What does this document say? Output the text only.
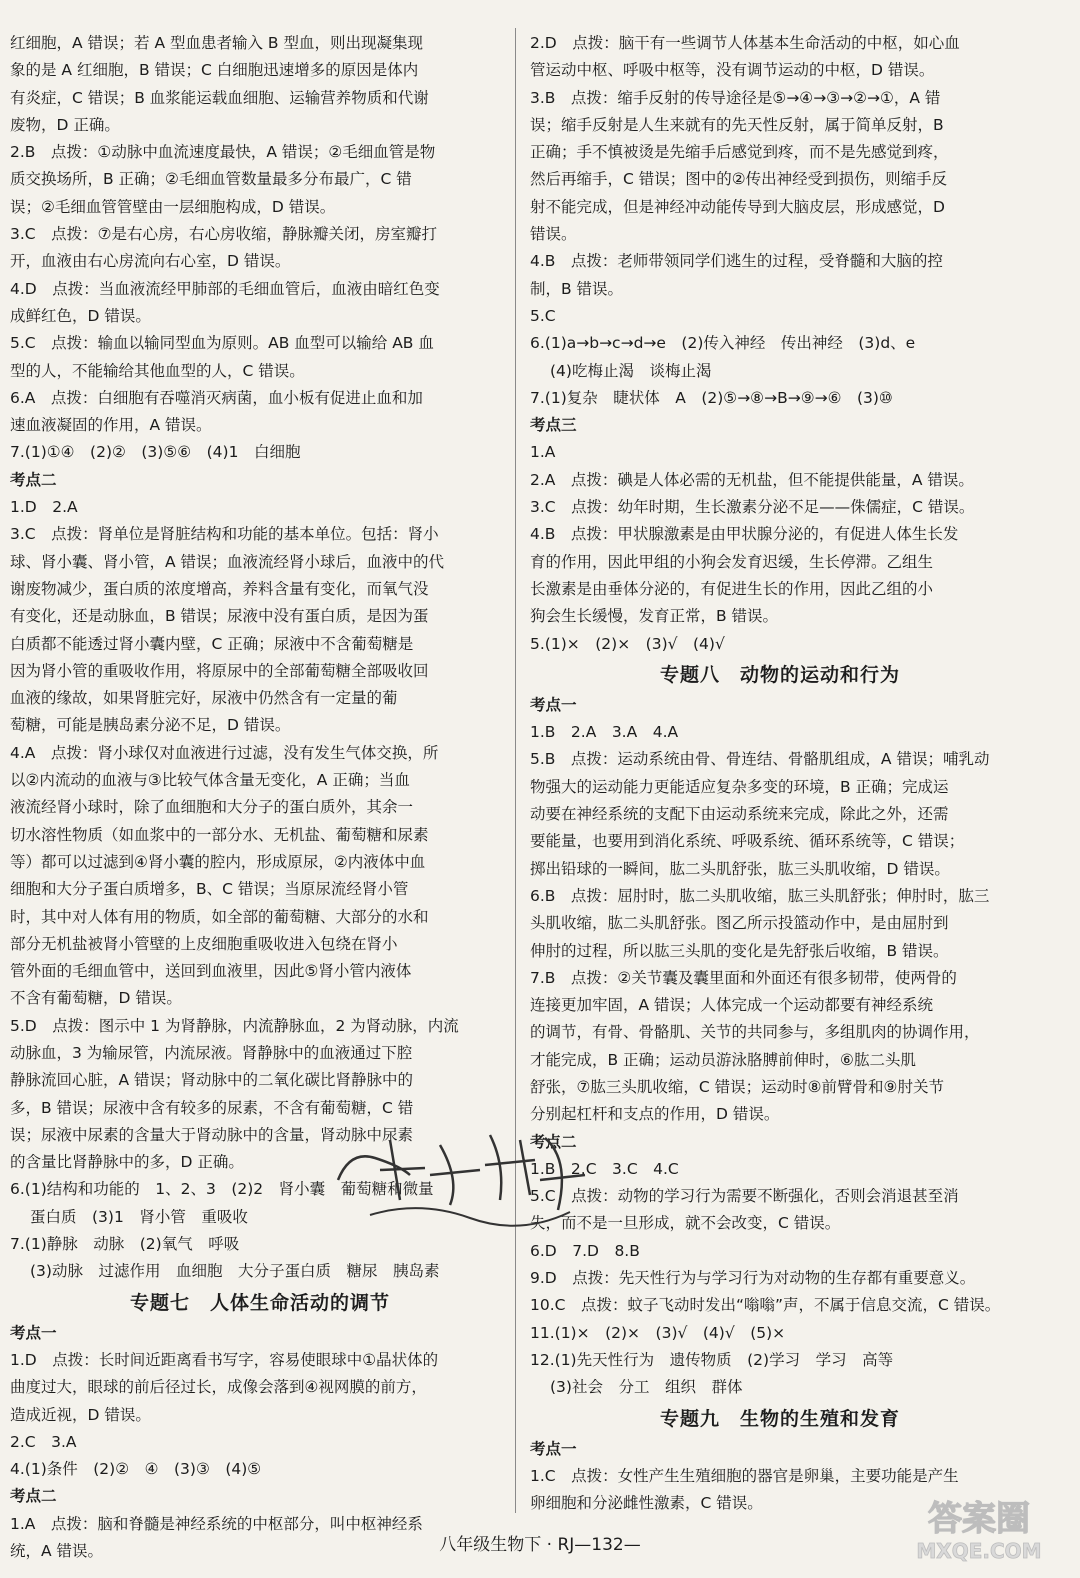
红细胞，A 错误；若 A 型血患者输入 B 型血，则出现凝集现
象的是 A 红细胞，B 错误；C 白细胞迅速增多的原因是体内
有炎症，C 错误；B 血浆能运载血细胞、运输营养物质和代谢
废物，D 正确。
2.B　点拨：①动脉中血流速度最快，A 错误；②毛细血管是物
质交换场所，B 正确；②毛细血管数量最多分布最广，C 错
误；②毛细血管管壁由一层细胞构成，D 错误。
3.C　点拨：⑦是右心房，右心房收缩，静脉瓣关闭，房室瓣打
开，血液由右心房流向右心室，D 错误。
4.D　点拨：当血液流经甲肺部的毛细血管后，血液由暗红色变
成鲜红色，D 错误。
5.C　点拨：输血以输同型血为原则。AB 血型可以输给 AB 血
型的人，不能输给其他血型的人，C 错误。
6.A　点拨：白细胞有吞噬消灭病菌，血小板有促进止血和加
速血液凝固的作用，A 错误。
7.(1)①④　(2)②　(3)⑤⑥　(4)1　白细胞
考点二
1.D　2.A
3.C　点拨：肾单位是肾脏结构和功能的基本单位。包括：肾小
球、肾小囊、肾小管，A 错误；血液流经肾小球后，血液中的代
谢废物减少，蛋白质的浓度增高，养料含量有变化，而氧气没
有变化，还是动脉血，B 错误；尿液中没有蛋白质，是因为蛋
白质都不能透过肾小囊内壁，C 正确；尿液中不含葡萄糖是
因为肾小管的重吸收作用，将原尿中的全部葡萄糖全部吸收回
血液的缘故，如果肾脏完好，尿液中仍然含有一定量的葡
萄糖，可能是胰岛素分泌不足，D 错误。
4.A　点拨：肾小球仅对血液进行过滤，没有发生气体交换，所
以②内流动的血液与③比较气体含量无变化，A 正确；当血
液流经肾小球时，除了血细胞和大分子的蛋白质外，其余一
切水溶性物质（如血浆中的一部分水、无机盐、葡萄糖和尿素
等）都可以过滤到④肾小囊的腔内，形成原尿，②内液体中血
细胞和大分子蛋白质增多，B、C 错误；当原尿流经肾小管
时，其中对人体有用的物质，如全部的葡萄糖、大部分的水和
部分无机盐被肾小管壁的上皮细胞重吸收进入包绕在肾小
管外面的毛细血管中，送回到血液里，因此⑤肾小管内液体
不含有葡萄糖，D 错误。
5.D　点拨：图示中 1 为肾静脉，内流静脉血，2 为肾动脉，内流
动脉血，3 为输尿管，内流尿液。肾静脉中的血液通过下腔
静脉流回心脏，A 错误；肾动脉中的二氧化碳比肾静脉中的
多，B 错误；尿液中含有较多的尿素，不含有葡萄糖，C 错
误；尿液中尿素的含量大于肾动脉中的含量，肾动脉中尿素
的含量比肾静脉中的多，D 正确。
6.(1)结构和功能的　1、2、3　(2)2　肾小囊　葡萄糖和微量
蛋白质　(3)1　肾小管　重吸收
7.(1)静脉　动脉　(2)氧气　呼吸
(3)动脉　过滤作用　血细胞　大分子蛋白质　糖尿　胰岛素
专题七　人体生命活动的调节
考点一
1.D　点拨：长时间近距离看书写字，容易使眼球中①晶状体的
曲度过大，眼球的前后径过长，成像会落到④视网膜的前方，
造成近视，D 错误。
2.C　3.A
4.(1)条件　(2)②　④　(3)③　(4)⑤
考点二
1.A　点拨：脑和脊髓是神经系统的中枢部分，叫中枢神经系
统，A 错误。
2.D　点拨：脑干有一些调节人体基本生命活动的中枢，如心血
管运动中枢、呼吸中枢等，没有调节运动的中枢，D 错误。
3.B　点拨：缩手反射的传导途径是⑤→④→③→②→①，A 错
误；缩手反射是人生来就有的先天性反射，属于简单反射，B
正确；手不慎被烫是先缩手后感觉到疼，而不是先感觉到疼，
然后再缩手，C 错误；图中的②传出神经受到损伤，则缩手反
射不能完成，但是神经冲动能传导到大脑皮层，形成感觉，D
错误。
4.B　点拨：老师带领同学们逃生的过程，受脊髓和大脑的控
制，B 错误。
5.C
6.(1)a→b→c→d→e　(2)传入神经　传出神经　(3)d、e
(4)吃梅止渴　谈梅止渴
7.(1)复杂　睫状体　A　(2)⑤→⑧→B→⑨→⑥　(3)⑩
考点三
1.A
2.A　点拨：碘是人体必需的无机盐，但不能提供能量，A 错误。
3.C　点拨：幼年时期，生长激素分泌不足——侏儒症，C 错误。
4.B　点拨：甲状腺激素是由甲状腺分泌的，有促进人体生长发
育的作用，因此甲组的小狗会发育迟缓，生长停滞。乙组生
长激素是由垂体分泌的，有促进生长的作用，因此乙组的小
狗会生长缓慢，发育正常，B 错误。
5.(1)×　(2)×　(3)√　(4)√
专题八　动物的运动和行为
考点一
1.B　2.A　3.A　4.A
5.B　点拨：运动系统由骨、骨连结、骨骼肌组成，A 错误；哺乳动
物强大的运动能力更能适应复杂多变的环境，B 正确；完成运
动要在神经系统的支配下由运动系统来完成，除此之外，还需
要能量，也要用到消化系统、呼吸系统、循环系统等，C 错误；
掷出铅球的一瞬间，肱二头肌舒张，肱三头肌收缩，D 错误。
6.B　点拨：屈肘时，肱二头肌收缩，肱三头肌舒张；伸肘时，肱三
头肌收缩，肱二头肌舒张。图乙所示投篮动作中，是由屈肘到
伸肘的过程，所以肱三头肌的变化是先舒张后收缩，B 错误。
7.B　点拨：②关节囊及囊里面和外面还有很多韧带，使两骨的
连接更加牢固，A 错误；人体完成一个运动都要有神经系统
的调节，有骨、骨骼肌、关节的共同参与，多组肌肉的协调作用，
才能完成，B 正确；运动员游泳胳膊前伸时，⑥肱二头肌
舒张，⑦肱三头肌收缩，C 错误；运动时⑧前臂骨和⑨肘关节
分别起杠杆和支点的作用，D 错误。
考点二
1.B　2.C　3.C　4.C
5.C　点拨：动物的学习行为需要不断强化，否则会消退甚至消
失，而不是一旦形成，就不会改变，C 错误。
6.D　7.D　8.B
9.D　点拨：先天性行为与学习行为对动物的生存都有重要意义。
10.C　点拨：蚊子飞动时发出“嗡嗡”声，不属于信息交流，C 错误。
11.(1)×　(2)×　(3)√　(4)√　(5)×
12.(1)先天性行为　遗传物质　(2)学习　学习　高等
(3)社会　分工　组织　群体
专题九　生物的生殖和发育
考点一
1.C　点拨：女性产生生殖细胞的器官是卵巢，主要功能是产生
卵细胞和分泌雌性激素，C 错误。
八年级生物下 · RJ—132—
答案圈
MXQE.COM
